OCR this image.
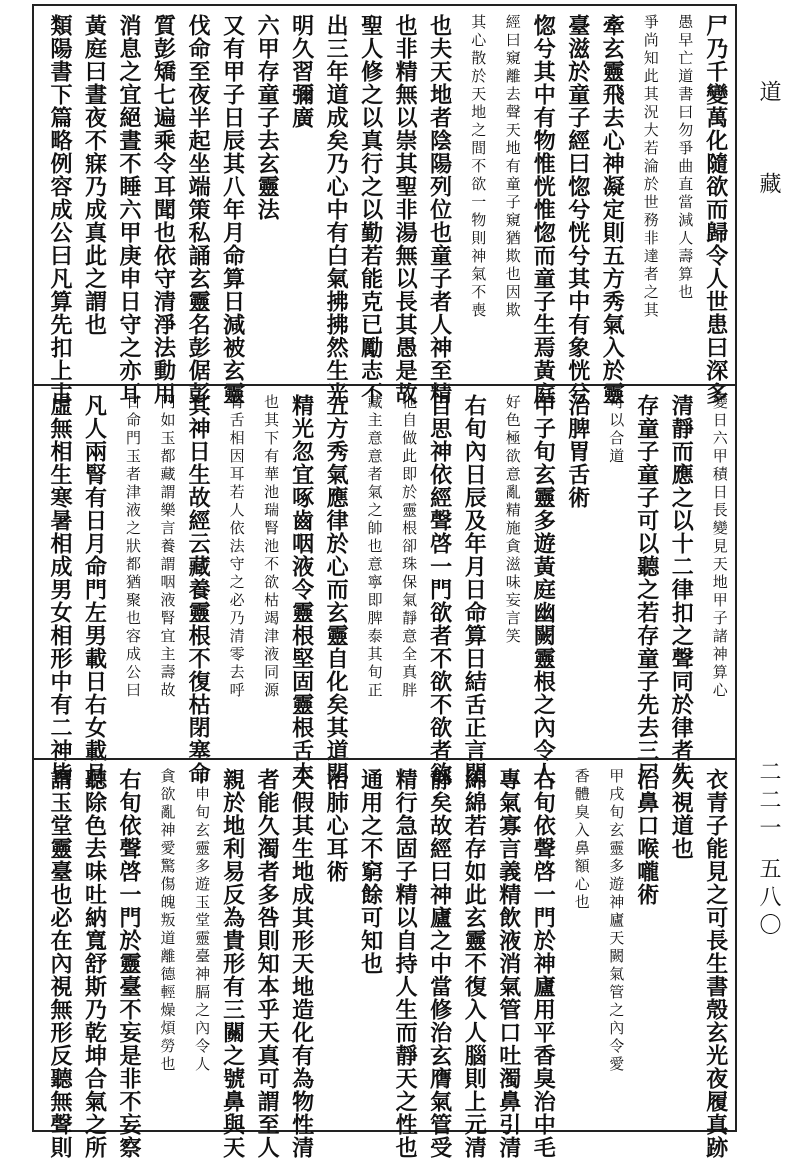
尸乃千變萬化隨欲而歸令人世患曰深多
愚早亡道書曰勿爭曲直當減人壽算也
爭尚知此其況大若淪於世務非達者之其
牽玄靈飛去心神凝定則五方秀氣入於靈
臺滋於童子經曰惚兮恍兮其中有象恍兮
惚兮其中有物惟恍惟惚而童子生焉黃庭
經曰窺離去聲天地有童子窺猶欺也因欺
其心散於天地之間不欲一物則神氣不喪
也夫天地者陰陽列位也童子者人神至精
也非精無以崇其聖非湯無以長其愚是故
聖人修之以真行之以勤若能克已勵志不
出三年道成矣乃心中有白氣拂拂然生光
明久習彌廣
六甲存童子去玄靈法
又有甲子日辰其八年月命算日減被玄靈
伐命至夜半起坐端策私誦玄靈名彭倨彭
質彭矯七遍乘令耳聞也依守清淨法動用
消息之宜絕晝不睡六甲庚申日守之亦耳
黃庭曰晝夜不寐乃成真此之謂也
類陽書下篇略例容成公曰凡算先扣上古
變日六甲積日長變見天地甲子諸神算心
清靜而應之以十二律扣之聲同於律者先
存童子童子可以聽之若存童子先去三尸
可以合道
治脾胃舌術
甲子旬玄靈多遊黃庭幽闕靈根之內令人
好色極欲意亂精施貪滋味妄言笑
右旬內日辰及年月日命算日結舌正言閉
目思神依經聲啓一門欲者不欲不欲者欲
他自做此即於靈根卻珠保氣靜意全真胖
藏主意意者氣之帥也意寧即脾泰其旬正
五方秀氣應律於心而玄靈自化矣其道閉
精光忽宜啄齒咽液令靈根堅固靈根舌本
也其下有華池瑞腎池不欲枯竭津液同源
腎舌相因耳若人依法守之必乃清零去呼
其神日生故經云藏養靈根不復枯閉塞命
門如玉都藏謂樂言養謂咽液腎宜主壽故
日命門玉者津液之狀都猶聚也容成公曰
凡人兩腎有日月命門左男載日右女載月
虛無相生寒暑相成男女相形中有二神皆
衣青子能見之可長生書殼玄光夜履真跡
久視道也
治鼻口喉嚨術
甲戌旬玄靈多遊神廬天闕氣管之內令愛
香體臭入鼻額心也
右旬依聲啓一門於神廬用平香臭治中毛
專氣寡言義精飲液消氣管口吐濁鼻引清
綿綿若存如此玄靈不復入人腦則上元清
靜矣故經曰神廬之中當修治玄膺氣管受
精行急固子精以自持人生而靜天之性也
通用之不窮餘可知也
治肺心耳術
天假其生地成其形天地造化有為物性清
者能久濁者多咎則知本乎天真可謂至人
親於地利易反為貴形有三關之號鼻與天
甲申旬玄靈多遊玉堂靈臺神膈之內令人
貪欲亂神愛驚傷魄叛道離德輕燥煩勞也
右旬依聲啓一門於靈臺不妄是非不妄察
聽除色去味吐納寬舒斯乃乾坤合氣之所
謂玉堂靈臺也必在內視無形反聽無聲則
道藏
二二一 五八〇
